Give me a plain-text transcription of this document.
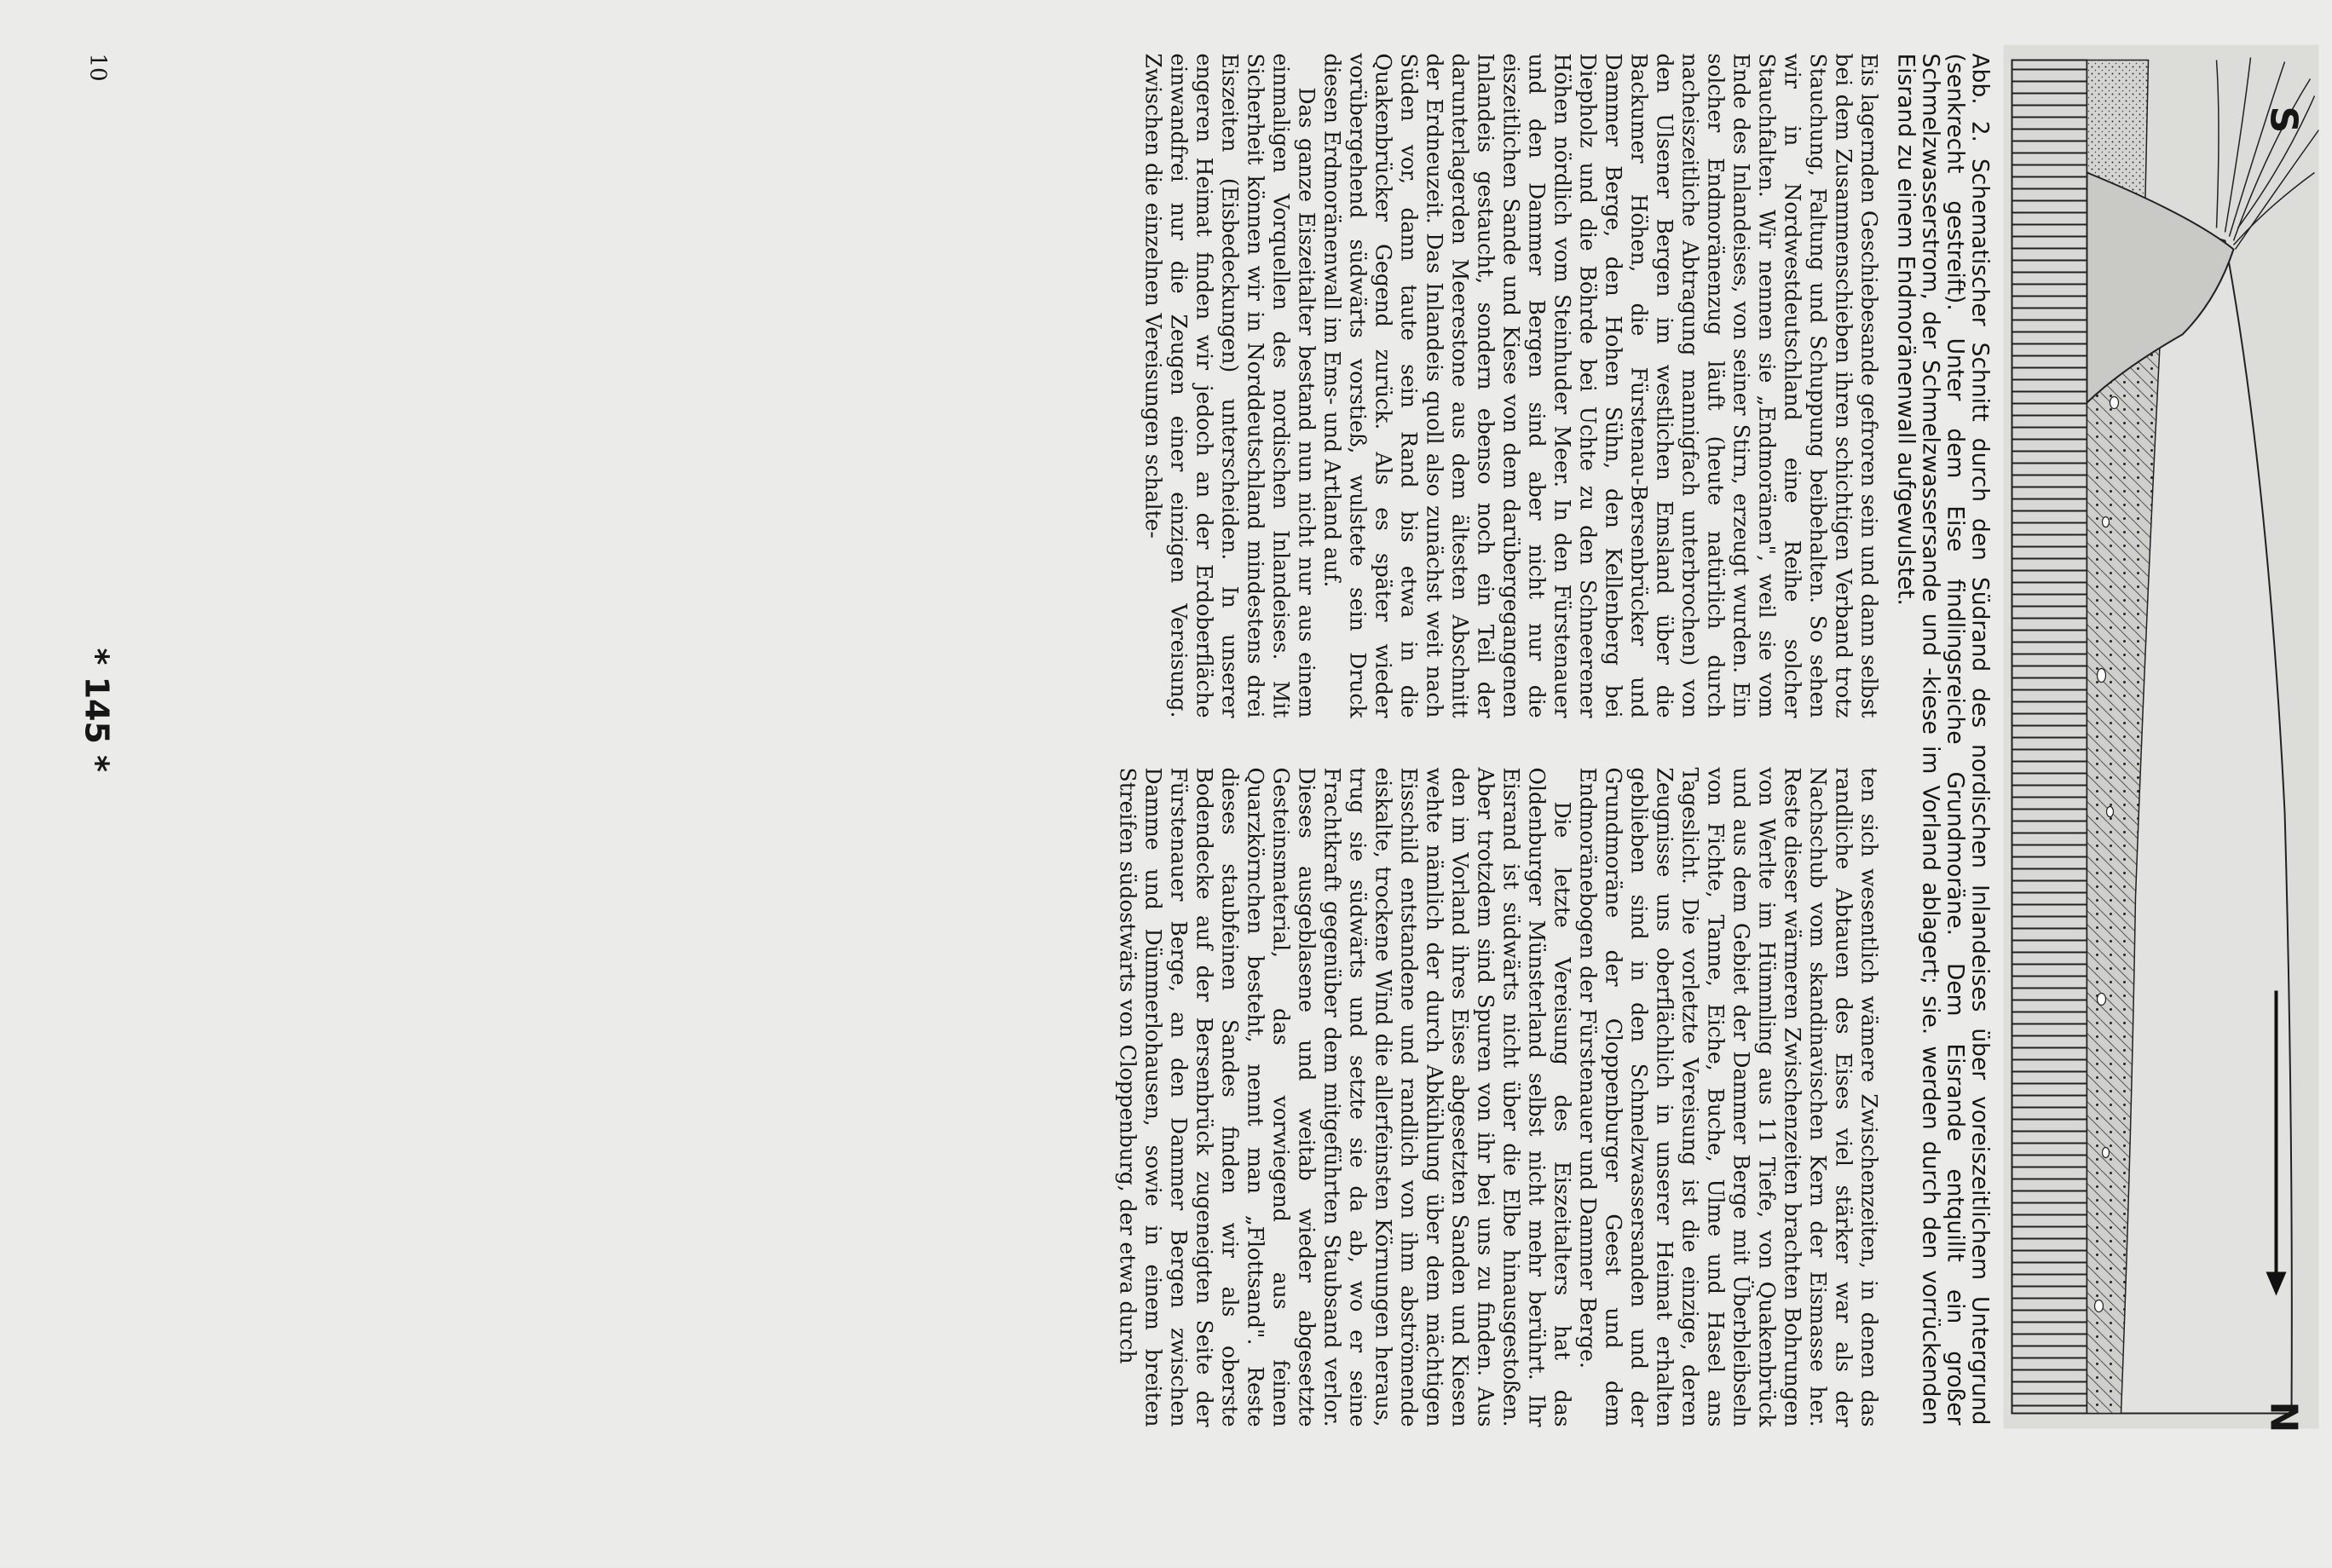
S
N

Abb. 2. Schematischer Schnitt durch den Südrand des nordischen Inlandeises über voreiszeitlichem Untergrund (senkrecht gestreift). Unter dem Eise findlingsreiche Grundmoräne. Dem Eisrande entquillt ein großer Schmelzwasserstrom, der Schmelzwassersande und -kiese im Vorland ablagert; sie. werden durch den vorrückenden Eisrand zu einem Endmoränenwall aufgewulstet.

Eis lagernden Geschiebesande gefroren sein und dann selbst bei dem Zusammenschieben ihren schichtigen Verband trotz Stauchung, Faltung und Schuppung beibehalten. So sehen wir in Nordwestdeutschland eine Reihe solcher Stauchfalten. Wir nennen sie „Endmoränen", weil sie vom Ende des Inlandeises, von seiner Stirn, erzeugt wurden. Ein solcher Endmoränenzug läuft (heute natürlich durch nacheiszeitliche Abtragung mannigfach unterbrochen) von den Ulsener Bergen im westlichen Emsland über die Backumer Höhen, die Fürstenau-Bersenbrücker und Dammer Berge, den Hohen Sühn, den Kellenberg bei Diepholz und die Böhrde bei Uchte zu den Schneerener Höhen nördlich vom Steinhuder Meer. In den Fürstenauer und den Dammer Bergen sind aber nicht nur die eiszeitlichen Sande und Kiese von dem darübergegangenen Inlandeis gestaucht, sondern ebenso noch ein Teil der darunterlagerden Meerestone aus dem ältesten Abschnitt der Erdneuzeit. Das Inlandeis quoll also zunächst weit nach Süden vor, dann taute sein Rand bis etwa in die Quakenbrücker Gegend zurück. Als es später wieder vorübergehend südwärts vorstieß, wulstete sein Druck diesen Erdmoränenwall im Ems- und Artland auf.

Das ganze Eiszeitalter bestand nun nicht nur aus einem einmaligen Vorquellen des nordischen Inlandeises. Mit Sicherheit können wir in Norddeutschland mindestens drei Eiszeiten (Eisbedeckungen) unterscheiden. In unserer engeren Heimat finden wir jedoch an der Erdoberfläche einwandfrei nur die Zeugen einer einzigen Vereisung. Zwischen die einzelnen Vereisungen schalte-

ten sich wesentlich wämere Zwischenzeiten, in denen das randliche Abtauen des Eises viel stärker war als der Nachschub vom skandinavischen Kern der Eismasse her. Reste dieser wärmeren Zwischenzeiten brachten Bohrungen von Werlte im Hümmling aus 11 Tiefe, von Quakenbrück und aus dem Gebiet der Dammer Berge mit Überbleibseln von Fichte, Tanne, Eiche, Buche, Ulme und Hasel ans Tageslicht. Die vorletzte Vereisung ist die einzige, deren Zeugnisse uns oberflächlich in unserer Heimat erhalten geblieben sind in den Schmelzwassersanden und der Grundmoräne der Cloppenburger Geest und dem Endmoränebogen der Fürstenauer und Dammer Berge.

Die letzte Vereisung des Eiszeitalters hat das Oldenburger Münsterland selbst nicht mehr berührt. Ihr Eisrand ist südwärts nicht über die Elbe hinausgestoßen. Aber trotzdem sind Spuren von ihr bei uns zu finden. Aus den im Vorland ihres Eises abgesetzten Sanden und Kiesen wehte nämlich der durch Abkühlung über dem mächtigen Eisschild entstandene und randlich von ihm abströmende eiskalte, trockene Wind die allerfeinsten Körnungen heraus, trug sie südwärts und setzte sie da ab, wo er seine Frachtkraft gegenüber dem mitgeführten Staubsand verlor. Dieses ausgeblasene und weitab wieder abgesetzte Gesteinsmaterial, das vorwiegend aus feinen Quarzkörnchen besteht, nennt man „Flottsand". Reste dieses staubfeinen Sandes finden wir als oberste Bodendecke auf der Bersenbrück zugeneigten Seite der Fürstenauer Berge, an den Dammer Bergen zwischen Damme und Dümmerlohausen, sowie in einem breiten Streifen südostwärts von Cloppenburg, der etwa durch

10
* 145 *
